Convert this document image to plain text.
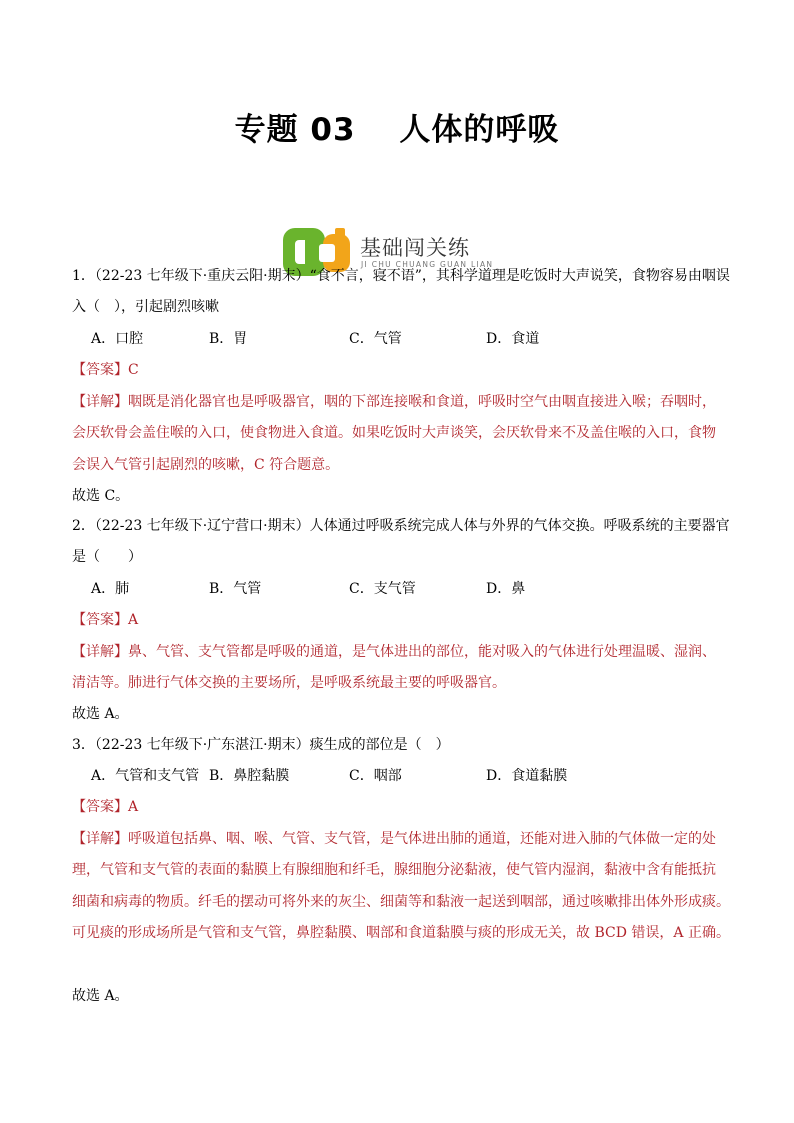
专题 03　 人体的呼吸
基础闯关练
JI CHU CHUANG GUAN LIAN
1．（22-23 七年级下·重庆云阳·期末）“食不言，寝不语”，其科学道理是吃饭时大声说笑，食物容易由咽误
入（　），引起剧烈咳嗽
A．口腔	B．胃	C．气管	D．食道
【答案】C
【详解】咽既是消化器官也是呼吸器官，咽的下部连接喉和食道，呼吸时空气由咽直接进入喉；吞咽时，
会厌软骨会盖住喉的入口，使食物进入食道。如果吃饭时大声谈笑，会厌软骨来不及盖住喉的入口，食物
会误入气管引起剧烈的咳嗽，C 符合题意。
故选 C。
2．（22-23 七年级下·辽宁营口·期末）人体通过呼吸系统完成人体与外界的气体交换。呼吸系统的主要器官
是（　　）
A．肺	B．气管	C．支气管	D．鼻
【答案】A
【详解】鼻、气管、支气管都是呼吸的通道，是气体进出的部位，能对吸入的气体进行处理温暖、湿润、
清洁等。肺进行气体交换的主要场所，是呼吸系统最主要的呼吸器官。
故选 A。
3．（22-23 七年级下·广东湛江·期末）痰生成的部位是（　）
A．气管和支气管 B．鼻腔黏膜	C．咽部	D．食道黏膜
【答案】A
【详解】呼吸道包括鼻、咽、喉、气管、支气管，是气体进出肺的通道，还能对进入肺的气体做一定的处
理，气管和支气管的表面的黏膜上有腺细胞和纤毛，腺细胞分泌黏液，使气管内湿润，黏液中含有能抵抗
细菌和病毒的物质。纤毛的摆动可将外来的灰尘、细菌等和黏液一起送到咽部，通过咳嗽排出体外形成痰。
可见痰的形成场所是气管和支气管，鼻腔黏膜、咽部和食道黏膜与痰的形成无关，故 BCD 错误，A 正确。
故选 A。
